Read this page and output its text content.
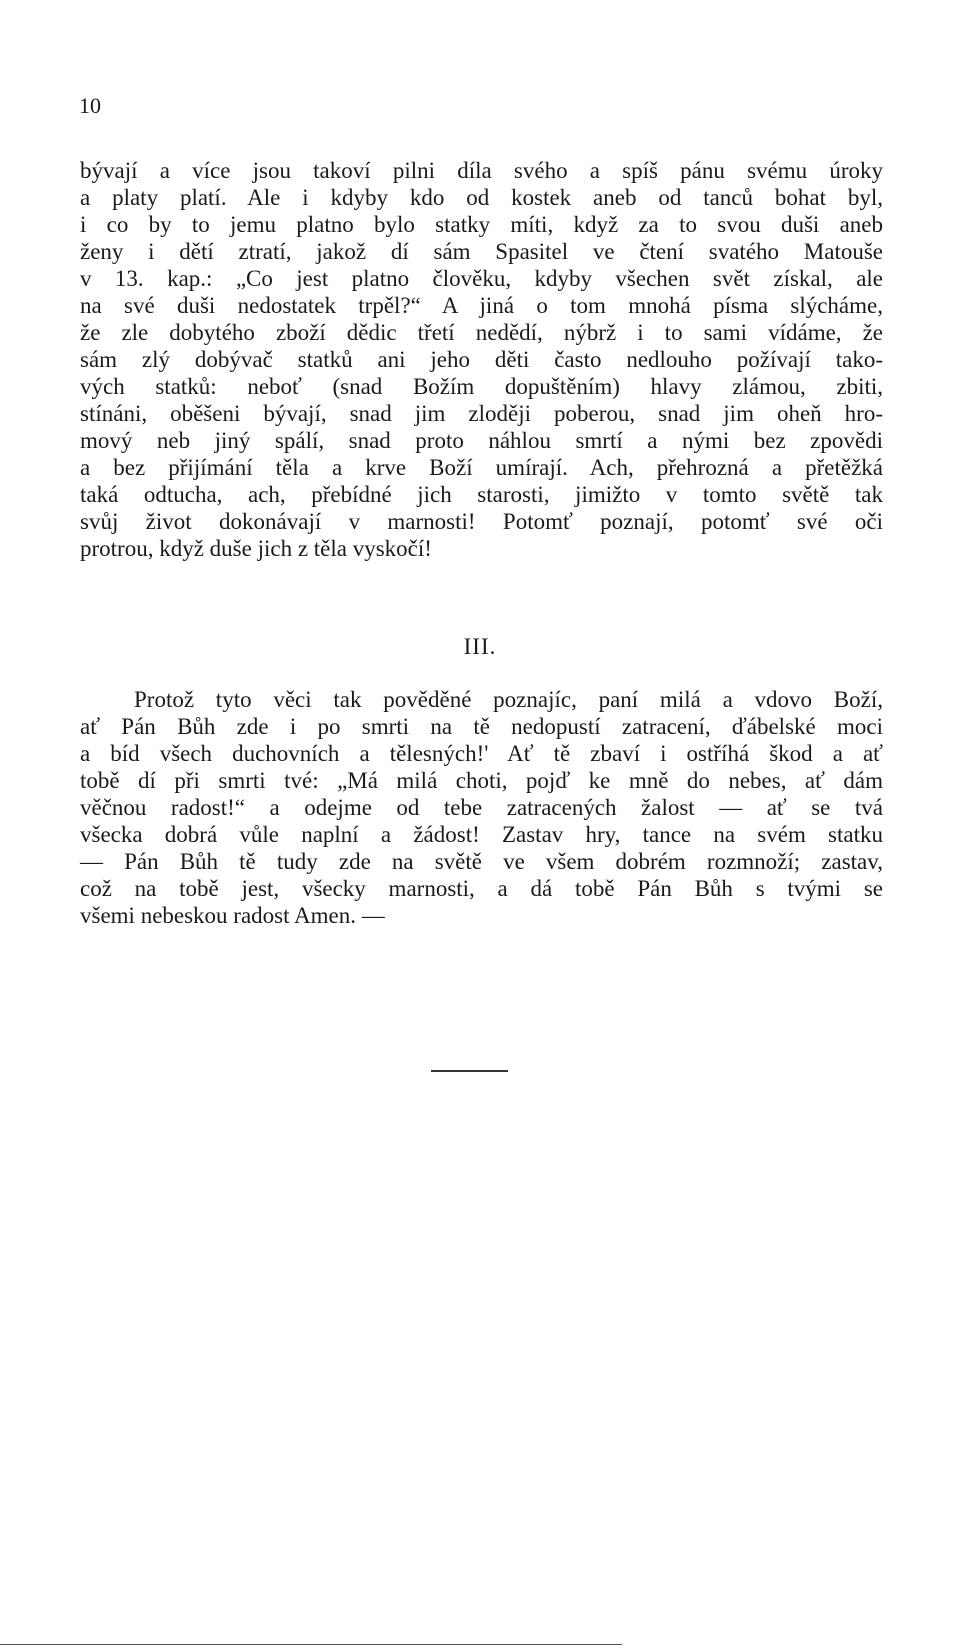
10
bývají a více jsou takoví pilni díla svého a spíš pánu svému úroky
a platy platí. Ale i kdyby kdo od kostek aneb od tanců bohat byl,
i co by to jemu platno bylo statky míti, když za to svou duši aneb
ženy i dětí ztratí, jakož dí sám Spasitel ve čtení svatého Matouše
v 13. kap.: „Co jest platno člověku, kdyby všechen svět získal, ale
na své duši nedostatek trpěl?“ A jiná o tom mnohá písma slýcháme,
že zle dobytého zboží dědic třetí nedědí, nýbrž i to sami vídáme, že
sám zlý dobývač statků ani jeho děti často nedlouho požívají tako-
vých statků: neboť (snad Božím dopuštěním) hlavy zlámou, zbiti,
stínáni, oběšeni bývají, snad jim zloději poberou, snad jim oheň hro-
mový neb jiný spálí, snad proto náhlou smrtí a nými bez zpovědi
a bez přijímání těla a krve Boží umírají. Ach, přehrozná a přetěžká
taká odtucha, ach, přebídné jich starosti, jimižto v tomto světě tak
svůj život dokonávají v marnosti! Potomť poznají, potomť své oči
protrou, když duše jich z těla vyskočí!
III.
Protož tyto věci tak pověděné poznajíc, paní milá a vdovo Boží,
ať Pán Bůh zde i po smrti na tě nedopustí zatracení, ďábelské moci
a bíd všech duchovních a tělesných!' Ať tě zbaví i ostříhá škod a ať
tobě dí při smrti tvé: „Má milá choti, pojď ke mně do nebes, ať dám
věčnou radost!“ a odejme od tebe zatracených žalost — ať se tvá
všecka dobrá vůle naplní a žádost! Zastav hry, tance na svém statku
— Pán Bůh tě tudy zde na světě ve všem dobrém rozmnoží; zastav,
což na tobě jest, všecky marnosti, a dá tobě Pán Bůh s tvými se
všemi nebeskou radost Amen. —
